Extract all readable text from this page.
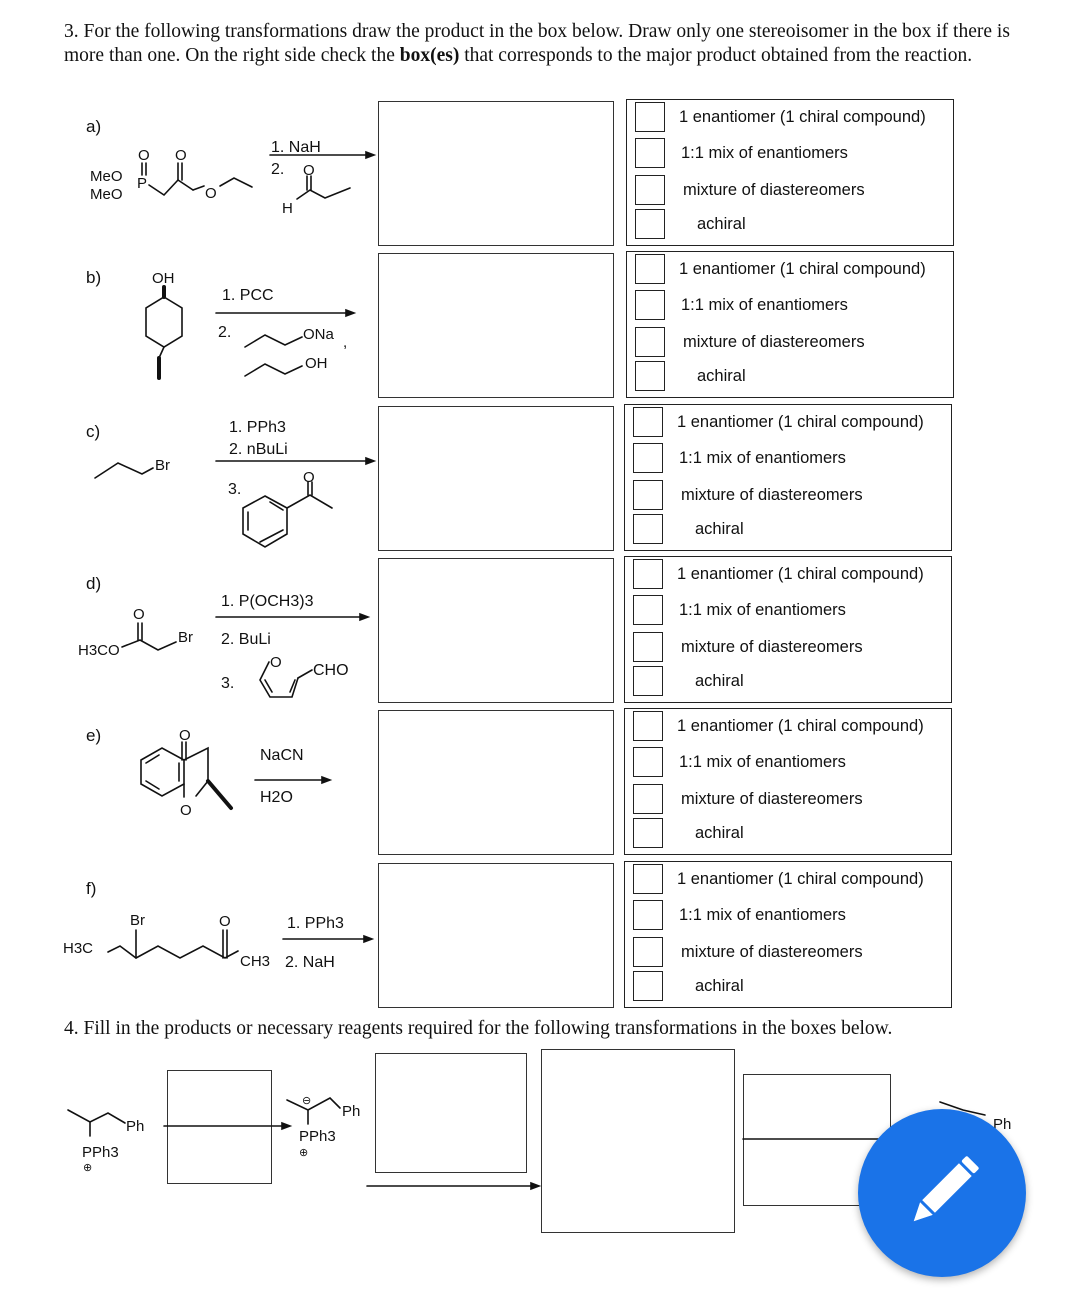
3. For the following transformations draw the product in the box below. Draw only one stereoisomer in the box if there is more than one. On the right side check the box(es) that corresponds to the major product obtained from the reaction.
a)
b)
c)
d)
e)
f)
1 enantiomer (1 chiral compound)
1:1 mix of enantiomers
mixture of diastereomers
achiral
1 enantiomer (1 chiral compound)
1:1 mix of enantiomers
mixture of diastereomers
achiral
1 enantiomer (1 chiral compound)
1:1 mix of enantiomers
mixture of diastereomers
achiral
1 enantiomer (1 chiral compound)
1:1 mix of enantiomers
mixture of diastereomers
achiral
1 enantiomer (1 chiral compound)
1:1 mix of enantiomers
mixture of diastereomers
achiral
1 enantiomer (1 chiral compound)
1:1 mix of enantiomers
mixture of diastereomers
achiral
4. Fill in the products or necessary reagents required for the following transformations in the boxes below.
MeO
MeO
P
O O
O
O
H
1. NaH
2.
OH
1. PCC
2.	ONa ,
OH
Br
O
1. PPh3
2. nBuLi
3.
H3CO
O
Br
O
1. P(OCH3)3
2. BuLi
3.
CHO
O
O
NaCN
H2O
H3C
Br	O
CH3
1. PPh3
2. NaH
Ph
PPh3
⊕
⊖
Ph
PPh3
⊕
Ph
